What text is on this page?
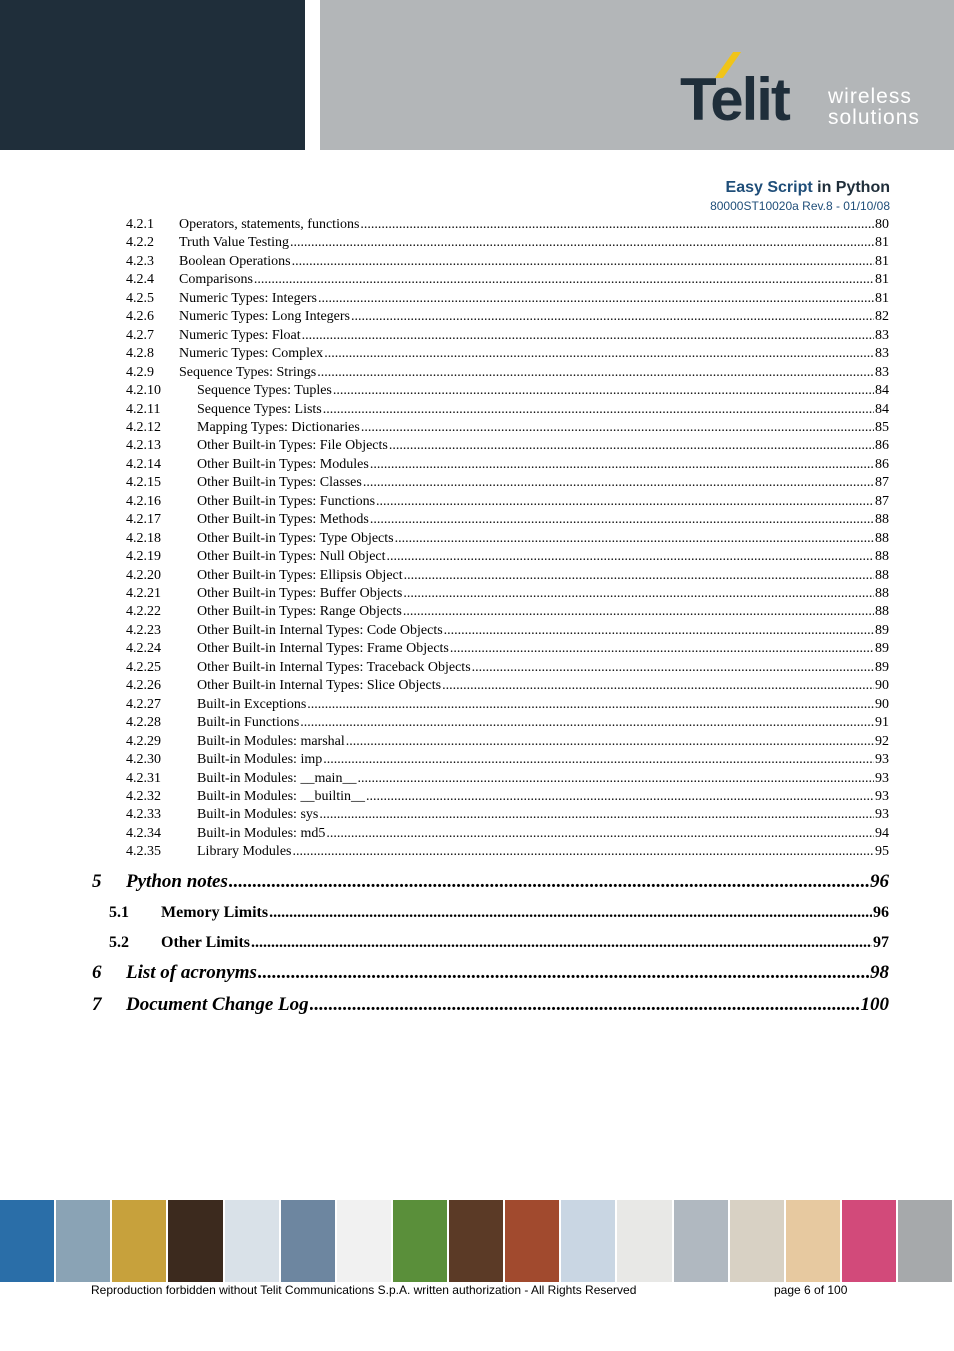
Telit wireless
solutions
Easy Script in Python
80000ST10020a Rev.8 - 01/10/08
4.2.1 Operators, statements, functions .....	80
4.2.2 Truth Value Testing .....	81
4.2.3 Boolean Operations .....	81
4.2.4 Comparisons .....	81
4.2.5 Numeric Types: Integers .....	81
4.2.6 Numeric Types: Long Integers .....	82
4.2.7 Numeric Types: Float .....	83
4.2.8 Numeric Types: Complex .....	83
4.2.9 Sequence Types: Strings .....	83
4.2.10	Sequence Types: Tuples .....	84
4.2.11	Sequence Types: Lists .....	84
4.2.12	Mapping Types: Dictionaries .....	85
4.2.13	Other Built-in Types: File Objects .....	86
4.2.14	Other Built-in Types: Modules .....	86
4.2.15	Other Built-in Types: Classes .....	87
4.2.16	Other Built-in Types: Functions .....	87
4.2.17	Other Built-in Types: Methods .....	88
4.2.18	Other Built-in Types: Type Objects .....	88
4.2.19	Other Built-in Types: Null Object .....	88
4.2.20	Other Built-in Types: Ellipsis Object .....	88
4.2.21	Other Built-in Types: Buffer Objects .....	88
4.2.22	Other Built-in Types: Range Objects .....	88
4.2.23	Other Built-in Internal Types: Code Objects .....	89
4.2.24	Other Built-in Internal Types: Frame Objects .....	89
4.2.25	Other Built-in Internal Types: Traceback Objects .....	89
4.2.26	Other Built-in Internal Types: Slice Objects .....	90
4.2.27	Built-in Exceptions .....	90
4.2.28	Built-in Functions .....	91
4.2.29	Built-in Modules: marshal .....	92
4.2.30	Built-in Modules: imp .....	93
4.2.31	Built-in Modules: __main__ .....	93
4.2.32	Built-in Modules: __builtin__ .....	93
4.2.33	Built-in Modules: sys .....	93
4.2.34	Built-in Modules: md5 .....	94
4.2.35	Library Modules .....	95
5 Python notes .....	96
5.1 Memory Limits .....	96
5.2 Other Limits .....	97
6 List of acronyms .....	98
7 Document Change Log .....	100
Reproduction forbidden without Telit Communications S.p.A. written authorization - All Rights Reserved	page 6 of 100
